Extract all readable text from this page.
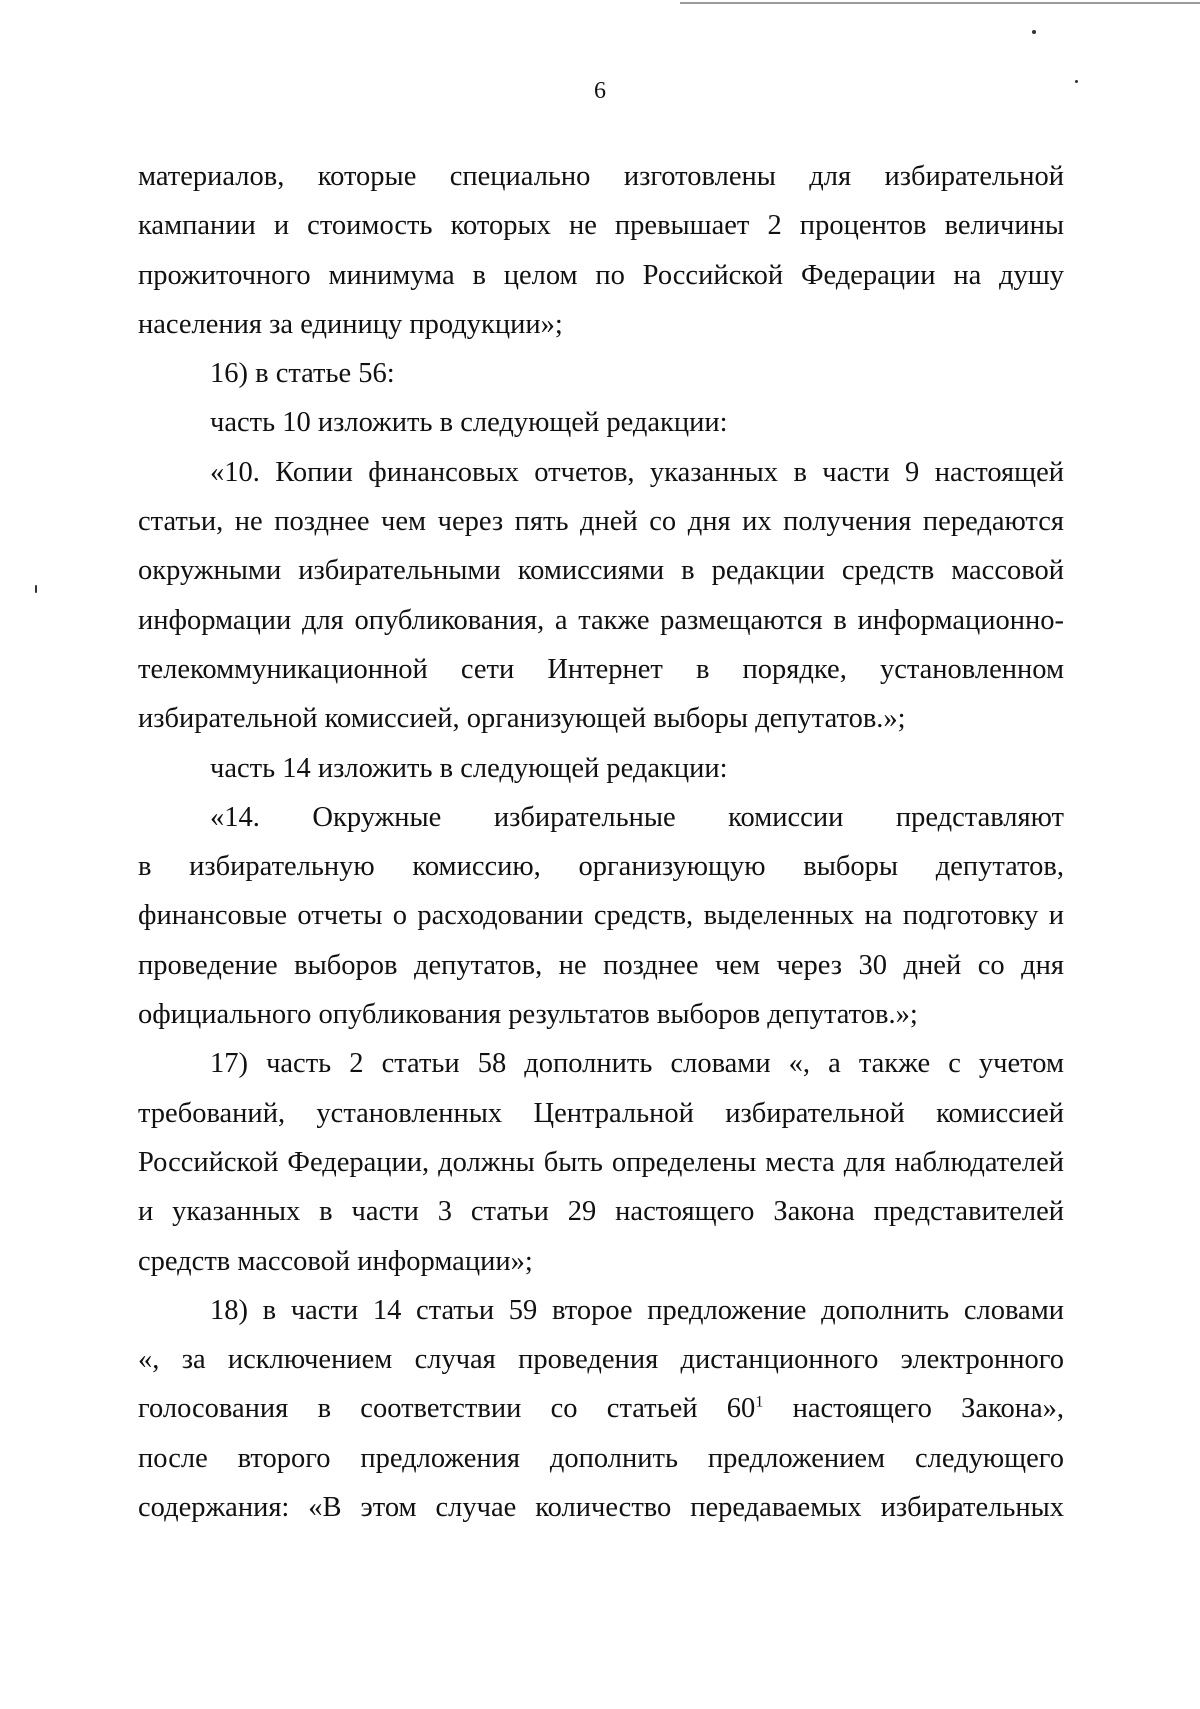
6

материалов, которые специально изготовлены для избирательной

кампании и стоимость которых не превышает 2 процентов величины

прожиточного минимума в целом по Российской Федерации на душу

населения за единицу продукции»;

16) в статье 56:

часть 10 изложить в следующей редакции:

«10. Копии финансовых отчетов, указанных в части 9 настоящей

статьи, не позднее чем через пять дней со дня их получения передаются

окружными избирательными комиссиями в редакции средств массовой

информации для опубликования, а также размещаются в информационно-

телекоммуникационной сети Интернет в порядке, установленном

избирательной комиссией, организующей выборы депутатов.»;

часть 14 изложить в следующей редакции:

«14. Окружные избирательные комиссии представляют

в избирательную комиссию, организующую выборы депутатов,

финансовые отчеты о расходовании средств, выделенных на подготовку и

проведение выборов депутатов, не позднее чем через 30 дней со дня

официального опубликования результатов выборов депутатов.»;

17) часть 2 статьи 58 дополнить словами «, а также с учетом

требований, установленных Центральной избирательной комиссией

Российской Федерации, должны быть определены места для наблюдателей

и указанных в части 3 статьи 29 настоящего Закона представителей

средств массовой информации»;

18) в части 14 статьи 59 второе предложение дополнить словами

«, за исключением случая проведения дистанционного электронного

голосования в соответствии со статьей $60^1$ настоящего Закона»,

после второго предложения дополнить предложением следующего

содержания: «В этом случае количество передаваемых избирательных
